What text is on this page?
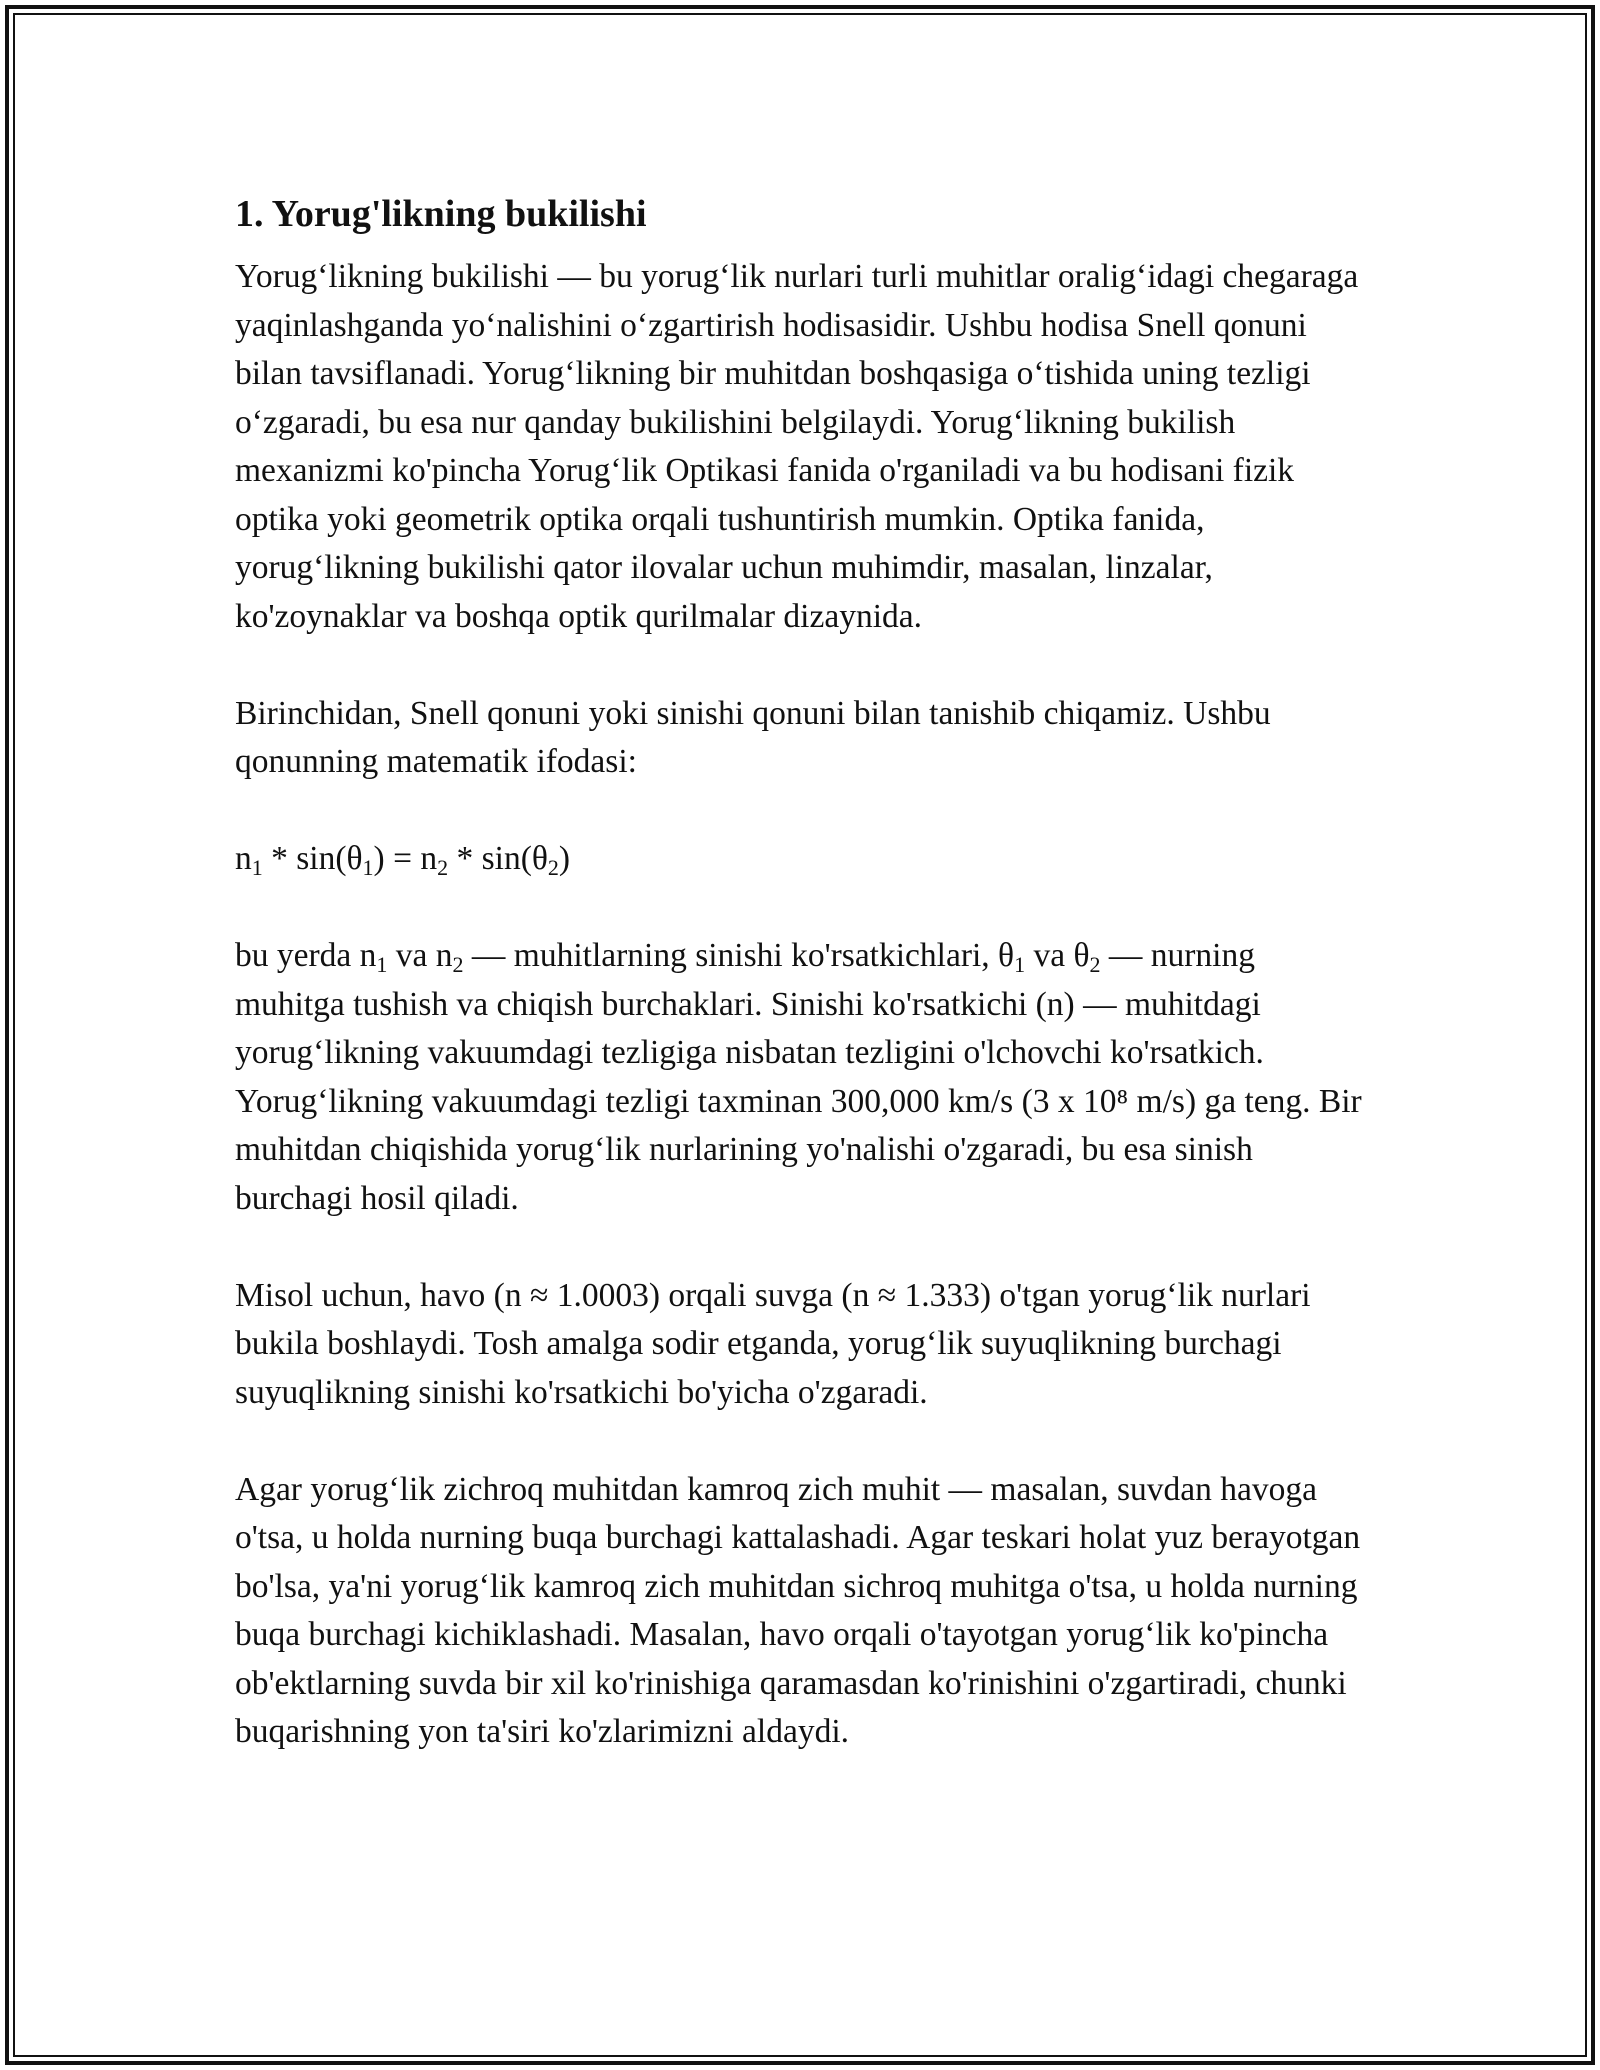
1. Yorug'likning bukilishi

Yorug‘likning bukilishi — bu yorug‘lik nurlari turli muhitlar oralig‘idagi chegaraga yaqinlashganda yo‘nalishini o‘zgartirish hodisasidir. Ushbu hodisa Snell qonuni bilan tavsiflanadi. Yorug‘likning bir muhitdan boshqasiga o‘tishida uning tezligi o‘zgaradi, bu esa nur qanday bukilishini belgilaydi. Yorug‘likning bukilish mexanizmi ko'pincha Yorug‘lik Optikasi fanida o'rganiladi va bu hodisani fizik optika yoki geometrik optika orqali tushuntirish mumkin. Optika fanida, yorug‘likning bukilishi qator ilovalar uchun muhimdir, masalan, linzalar, ko'zoynaklar va boshqa optik qurilmalar dizaynida.

Birinchidan, Snell qonuni yoki sinishi qonuni bilan tanishib chiqamiz. Ushbu qonunning matematik ifodasi:

$n_1 * \sin(\theta_1) = n_2 * \sin(\theta_2)$

bu yerda $n_1$ va $n_2$ — muhitlarning sinishi ko'rsatkichlari, $\theta_1$ va $\theta_2$ — nurning muhitga tushish va chiqish burchaklari. Sinishi ko'rsatkichi (n) — muhitdagi yorug‘likning vakuumdagi tezligiga nisbatan tezligini o'lchovchi ko'rsatkich. Yorug‘likning vakuumdagi tezligi taxminan 300,000 km/s (3 x 10⁸ m/s) ga teng. Bir muhitdan chiqishida yorug‘lik nurlarining yo'nalishi o'zgaradi, bu esa sinish burchagi hosil qiladi.

Misol uchun, havo (n ≈ 1.0003) orqali suvga (n ≈ 1.333) o'tgan yorug‘lik nurlari bukila boshlaydi. Tosh amalga sodir etganda, yorug‘lik suyuqlikning burchagi suyuqlikning sinishi ko'rsatkichi bo'yicha o'zgaradi.

Agar yorug‘lik zichroq muhitdan kamroq zich muhit — masalan, suvdan havoga o'tsa, u holda nurning buqa burchagi kattalashadi. Agar teskari holat yuz berayotgan bo'lsa, ya'ni yorug‘lik kamroq zich muhitdan sichroq muhitga o'tsa, u holda nurning buqa burchagi kichiklashadi. Masalan, havo orqali o'tayotgan yorug‘lik ko'pincha ob'ektlarning suvda bir xil ko'rinishiga qaramasdan ko'rinishini o'zgartiradi, chunki buqarishning yon ta'siri ko'zlarimizni aldaydi.
